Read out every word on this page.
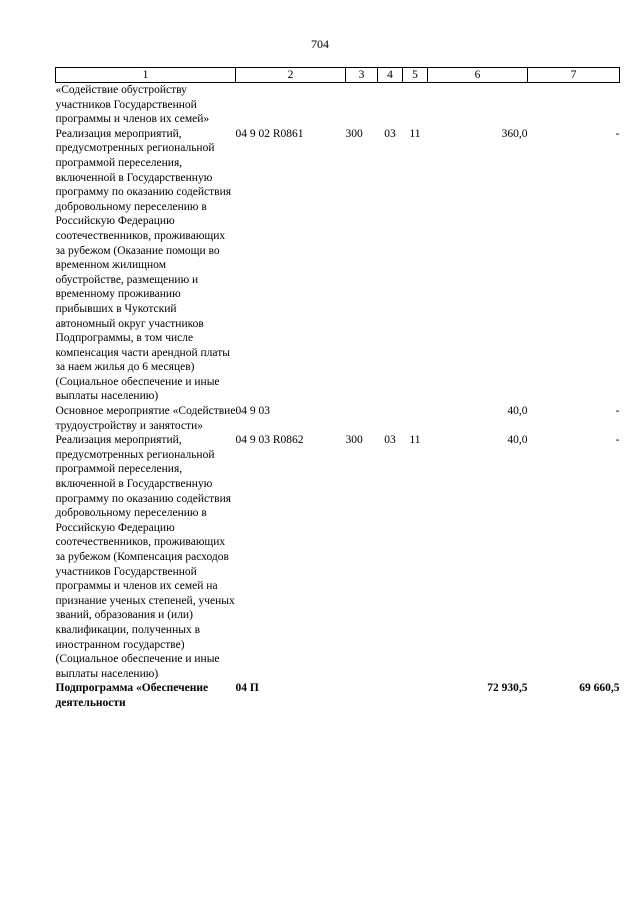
704
1	2	3	4	5	6	7
«Содействие обустройству участников Государственной программы и членов их семей»						
Реализация мероприятий, предусмотренных региональной программой переселения, включенной в Государственную программу по оказанию содействия добровольному переселению в Российскую Федерацию соотечественников, проживающих за рубежом (Оказание помощи во временном жилищном обустройстве, размещению и временному проживанию прибывших в Чукотский автономный округ участников Подпрограммы, в том числе компенсация части арендной платы за наем жилья до 6 месяцев) (Социальное обеспечение и иные выплаты населению)	04 9 02 R0861	300	03	11	360,0	-
Основное мероприятие «Содействие трудоустройству и занятости»	04 9 03				40,0	-
Реализация мероприятий, предусмотренных региональной программой переселения, включенной в Государственную программу по оказанию содействия добровольному переселению в Российскую Федерацию соотечественников, проживающих за рубежом (Компенсация расходов участников Государственной программы и членов их семей на признание ученых степеней, ученых званий, образования и (или) квалификации, полученных в иностранном государстве) (Социальное обеспечение и иные выплаты населению)	04 9 03 R0862	300	03	11	40,0	-
Подпрограмма «Обеспечение деятельности	04 П				72 930,5	69 660,5
